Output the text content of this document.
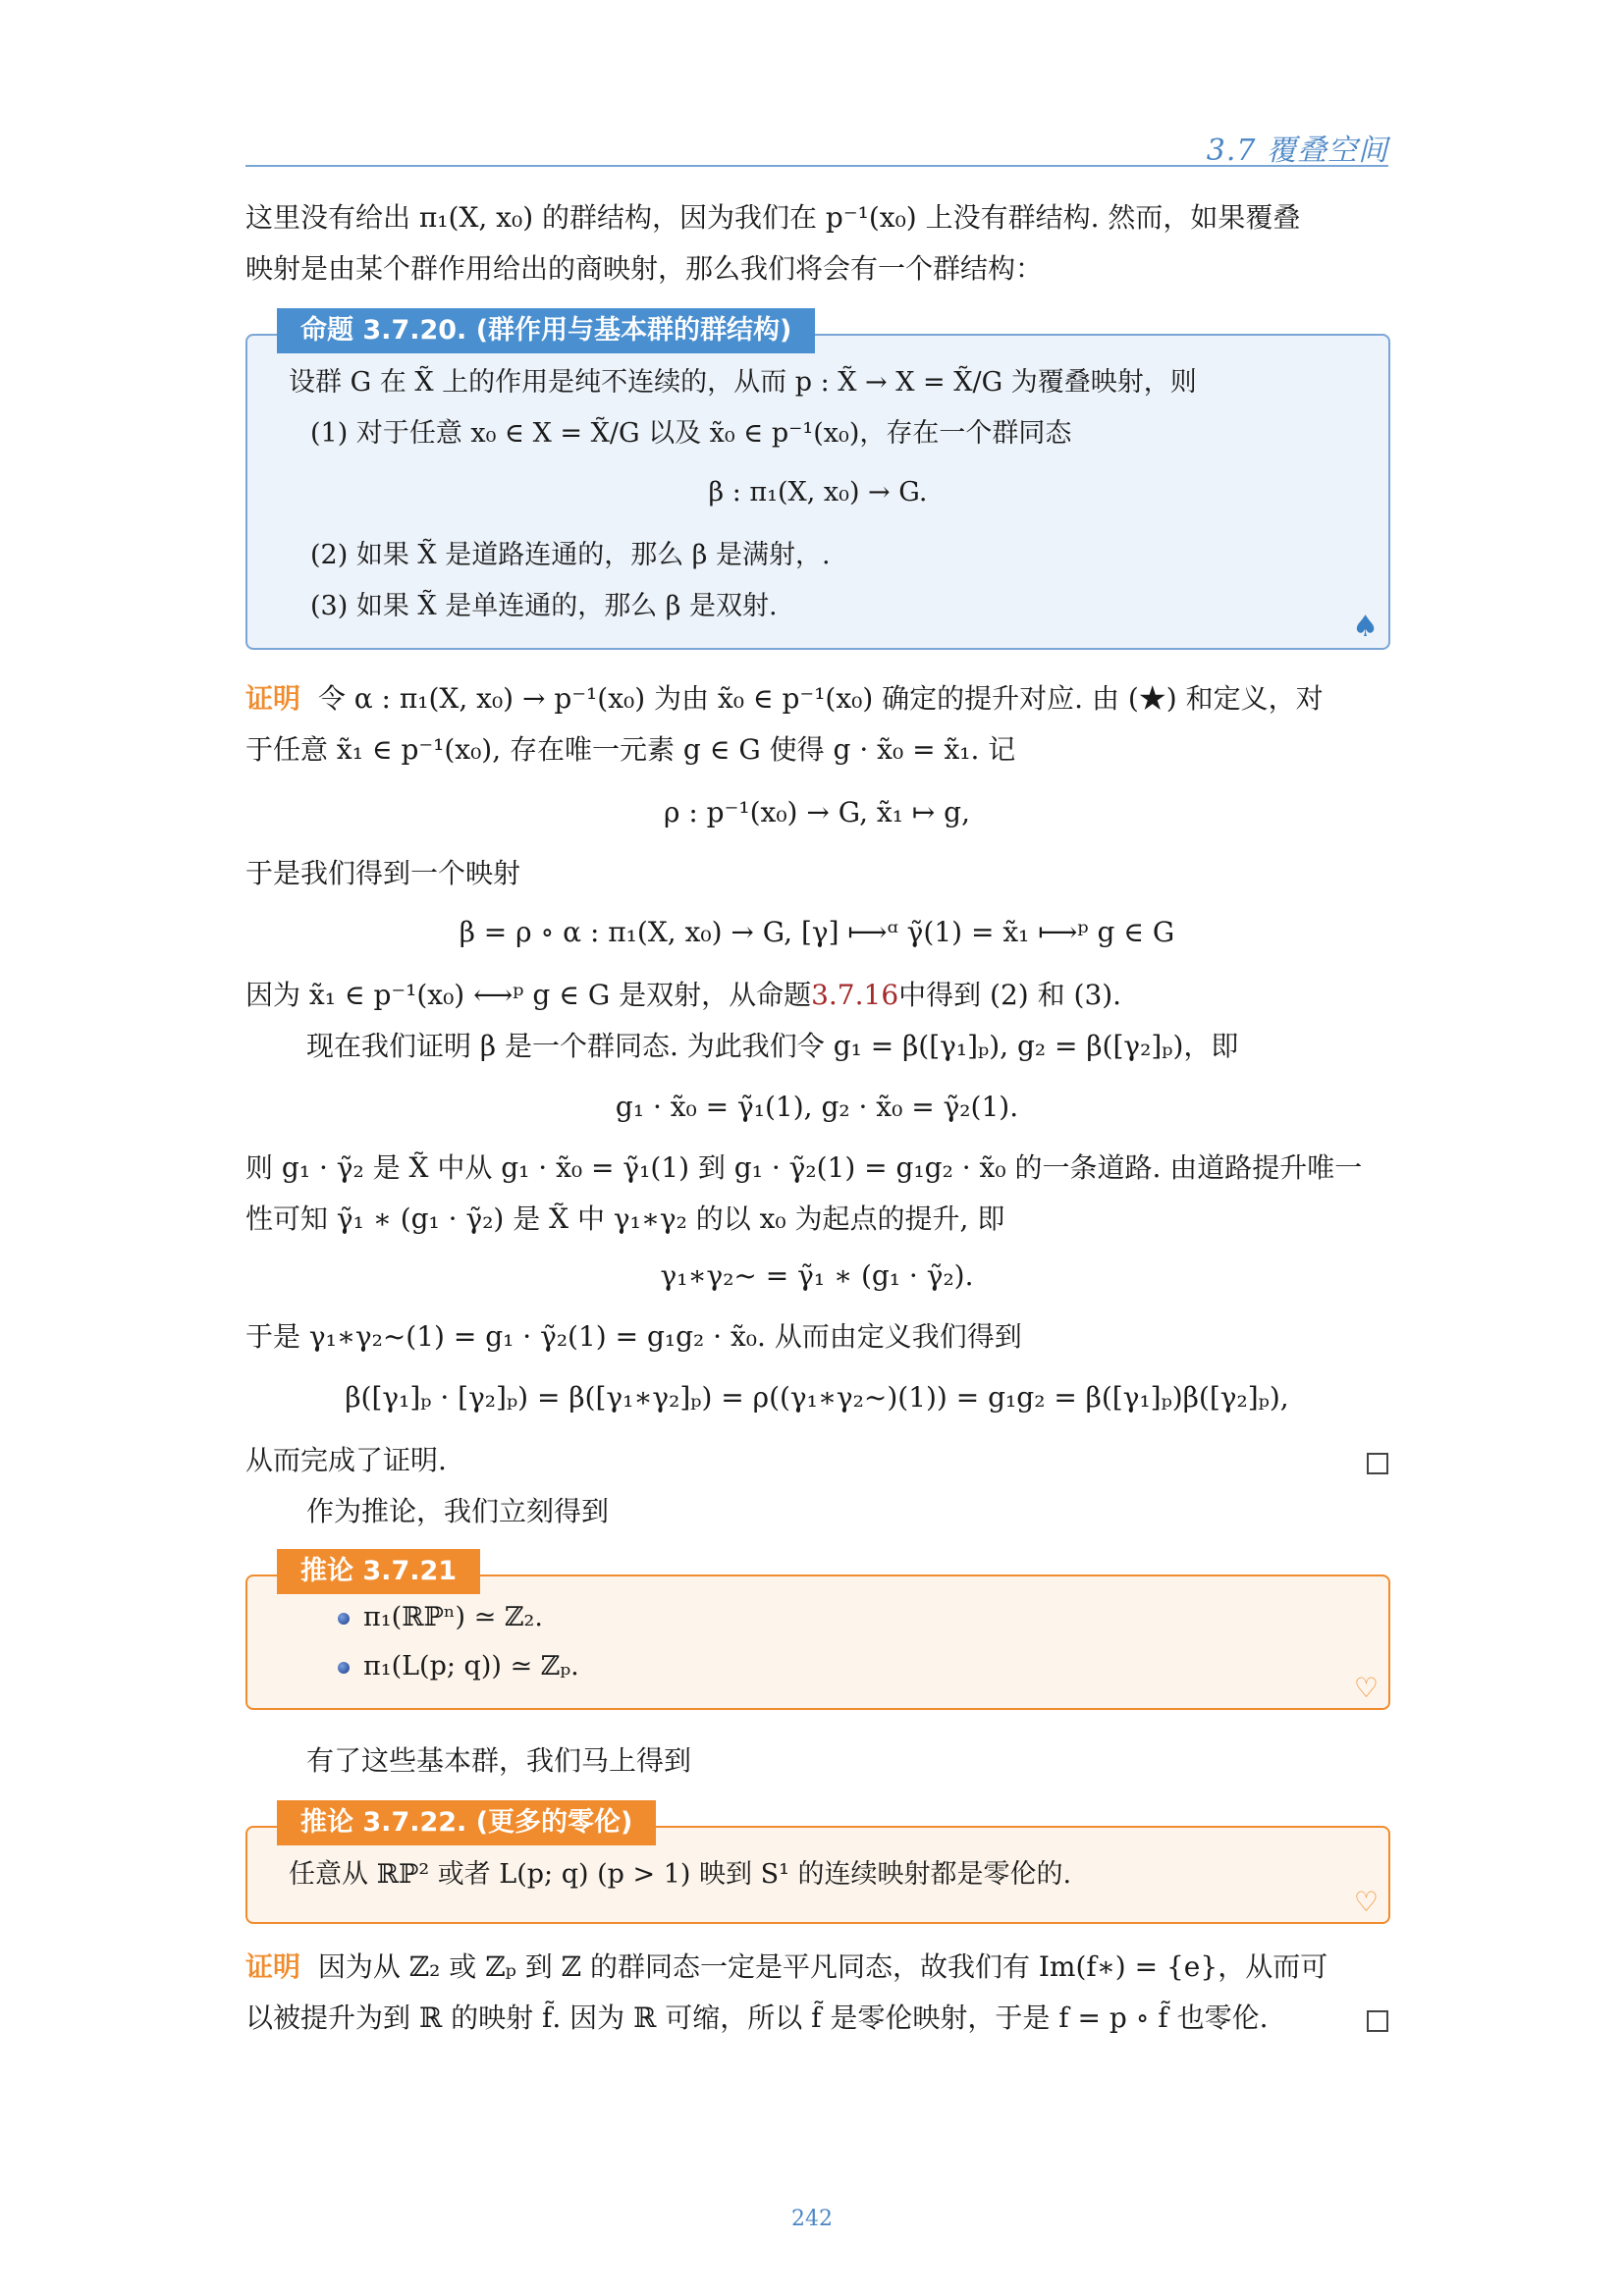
3.7 覆叠空间
这里没有给出 π₁(X, x₀) 的群结构，因为我们在 p⁻¹(x₀) 上没有群结构. 然而，如果覆叠
映射是由某个群作用给出的商映射，那么我们将会有一个群结构：
命题 3.7.20. (群作用与基本群的群结构)
设群 G 在 X̃ 上的作用是纯不连续的，从而 p : X̃ → X = X̃/G 为覆叠映射，则
(1) 对于任意 x₀ ∈ X = X̃/G 以及 x̃₀ ∈ p⁻¹(x₀)，存在一个群同态
β : π₁(X, x₀) → G.
(2) 如果 X̃ 是道路连通的，那么 β 是满射，.
(3) 如果 X̃ 是单连通的，那么 β 是双射.
♠
证明 令 α : π₁(X, x₀) → p⁻¹(x₀) 为由 x̃₀ ∈ p⁻¹(x₀) 确定的提升对应. 由 (★) 和定义，对
于任意 x̃₁ ∈ p⁻¹(x₀), 存在唯一元素 g ∈ G 使得 g · x̃₀ = x̃₁. 记
ρ : p⁻¹(x₀) → G, x̃₁ ↦ g,
于是我们得到一个映射
β = ρ ∘ α : π₁(X, x₀) → G, [γ] ⟼ᵅ γ̃(1) = x̃₁ ⟼ᵖ g ∈ G
因为 x̃₁ ∈ p⁻¹(x₀) ⟷ᵖ g ∈ G 是双射，从命题3.7.16中得到 (2) 和 (3).
现在我们证明 β 是一个群同态. 为此我们令 g₁ = β([γ₁]ₚ), g₂ = β([γ₂]ₚ)，即
g₁ · x̃₀ = γ̃₁(1), g₂ · x̃₀ = γ̃₂(1).
则 g₁ · γ̃₂ 是 X̃ 中从 g₁ · x̃₀ = γ̃₁(1) 到 g₁ · γ̃₂(1) = g₁g₂ · x̃₀ 的一条道路. 由道路提升唯一
性可知 γ̃₁ ∗ (g₁ · γ̃₂) 是 X̃ 中 γ₁∗γ₂ 的以 x₀ 为起点的提升, 即
γ₁∗γ₂~ = γ̃₁ ∗ (g₁ · γ̃₂).
于是 γ₁∗γ₂~(1) = g₁ · γ̃₂(1) = g₁g₂ · x̃₀. 从而由定义我们得到
β([γ₁]ₚ · [γ₂]ₚ) = β([γ₁∗γ₂]ₚ) = ρ((γ₁∗γ₂~)(1)) = g₁g₂ = β([γ₁]ₚ)β([γ₂]ₚ),
从而完成了证明.
作为推论，我们立刻得到
推论 3.7.21
π₁(ℝℙⁿ) ≃ ℤ₂.
π₁(L(p; q)) ≃ ℤₚ.
♡
有了这些基本群，我们马上得到
推论 3.7.22. (更多的零伦)
任意从 ℝℙ² 或者 L(p; q) (p > 1) 映到 S¹ 的连续映射都是零伦的.
♡
证明 因为从 ℤ₂ 或 ℤₚ 到 ℤ 的群同态一定是平凡同态，故我们有 Im(f∗) = {e}，从而可
以被提升为到 ℝ 的映射 f̃. 因为 ℝ 可缩，所以 f̃ 是零伦映射，于是 f = p ∘ f̃ 也零伦.
242
